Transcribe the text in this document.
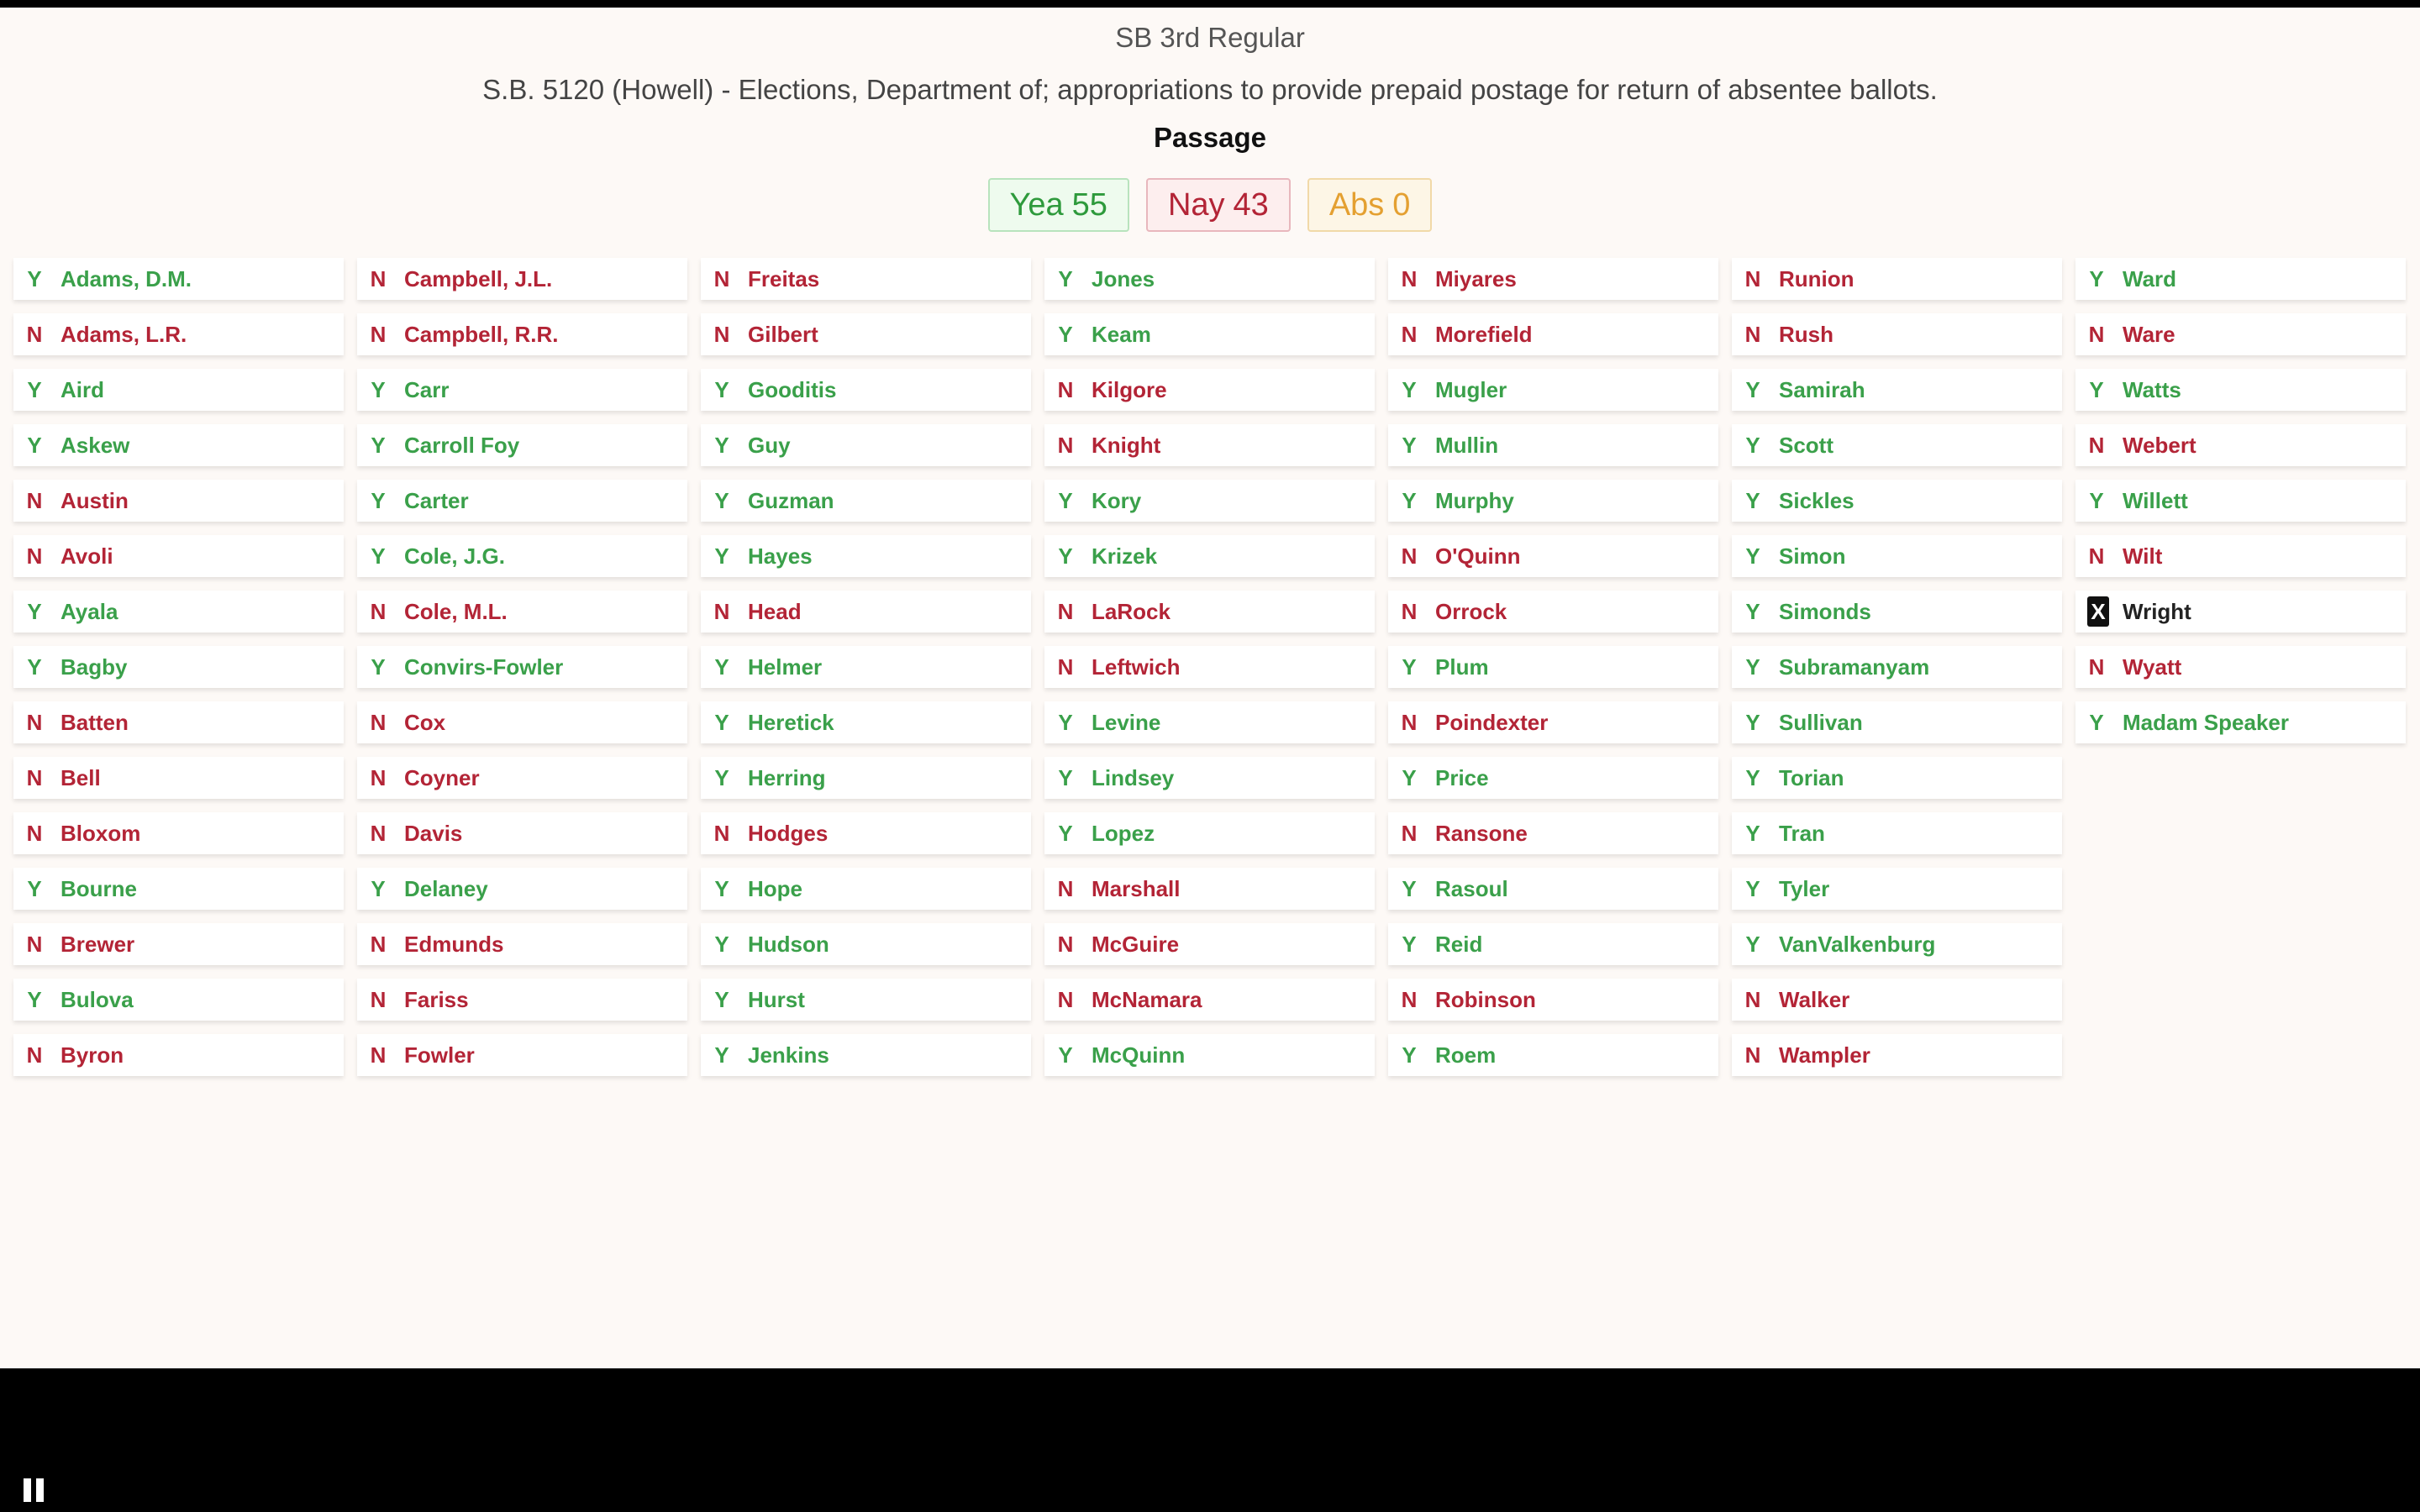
SB 3rd Regular
S.B. 5120 (Howell) - Elections, Department of; appropriations to provide prepaid postage for return of absentee ballots.
Passage
Yea 55 Nay 43 Abs 0
Y Adams, D.M.
N Adams, L.R.
Y Aird
Y Askew
N Austin
N Avoli
Y Ayala
Y Bagby
N Batten
N Bell
N Bloxom
Y Bourne
N Brewer
Y Bulova
N Byron
N Campbell, J.L.
N Campbell, R.R.
Y Carr
Y Carroll Foy
Y Carter
Y Cole, J.G.
N Cole, M.L.
Y Convirs-Fowler
N Cox
N Coyner
N Davis
Y Delaney
N Edmunds
N Fariss
N Fowler
N Freitas
N Gilbert
Y Gooditis
Y Guy
Y Guzman
Y Hayes
N Head
Y Helmer
Y Heretick
Y Herring
N Hodges
Y Hope
Y Hudson
Y Hurst
Y Jenkins
Y Jones
Y Keam
N Kilgore
N Knight
Y Kory
Y Krizek
N LaRock
N Leftwich
Y Levine
Y Lindsey
Y Lopez
N Marshall
N McGuire
N McNamara
Y McQuinn
N Miyares
N Morefield
Y Mugler
Y Mullin
Y Murphy
N O'Quinn
N Orrock
Y Plum
N Poindexter
Y Price
N Ransone
Y Rasoul
Y Reid
N Robinson
Y Roem
N Runion
N Rush
Y Samirah
Y Scott
Y Sickles
Y Simon
Y Simonds
Y Subramanyam
Y Sullivan
Y Torian
Y Tran
Y Tyler
Y VanValkenburg
N Walker
N Wampler
Y Ward
N Ware
Y Watts
N Webert
Y Willett
N Wilt
X Wright
N Wyatt
Y Madam Speaker
